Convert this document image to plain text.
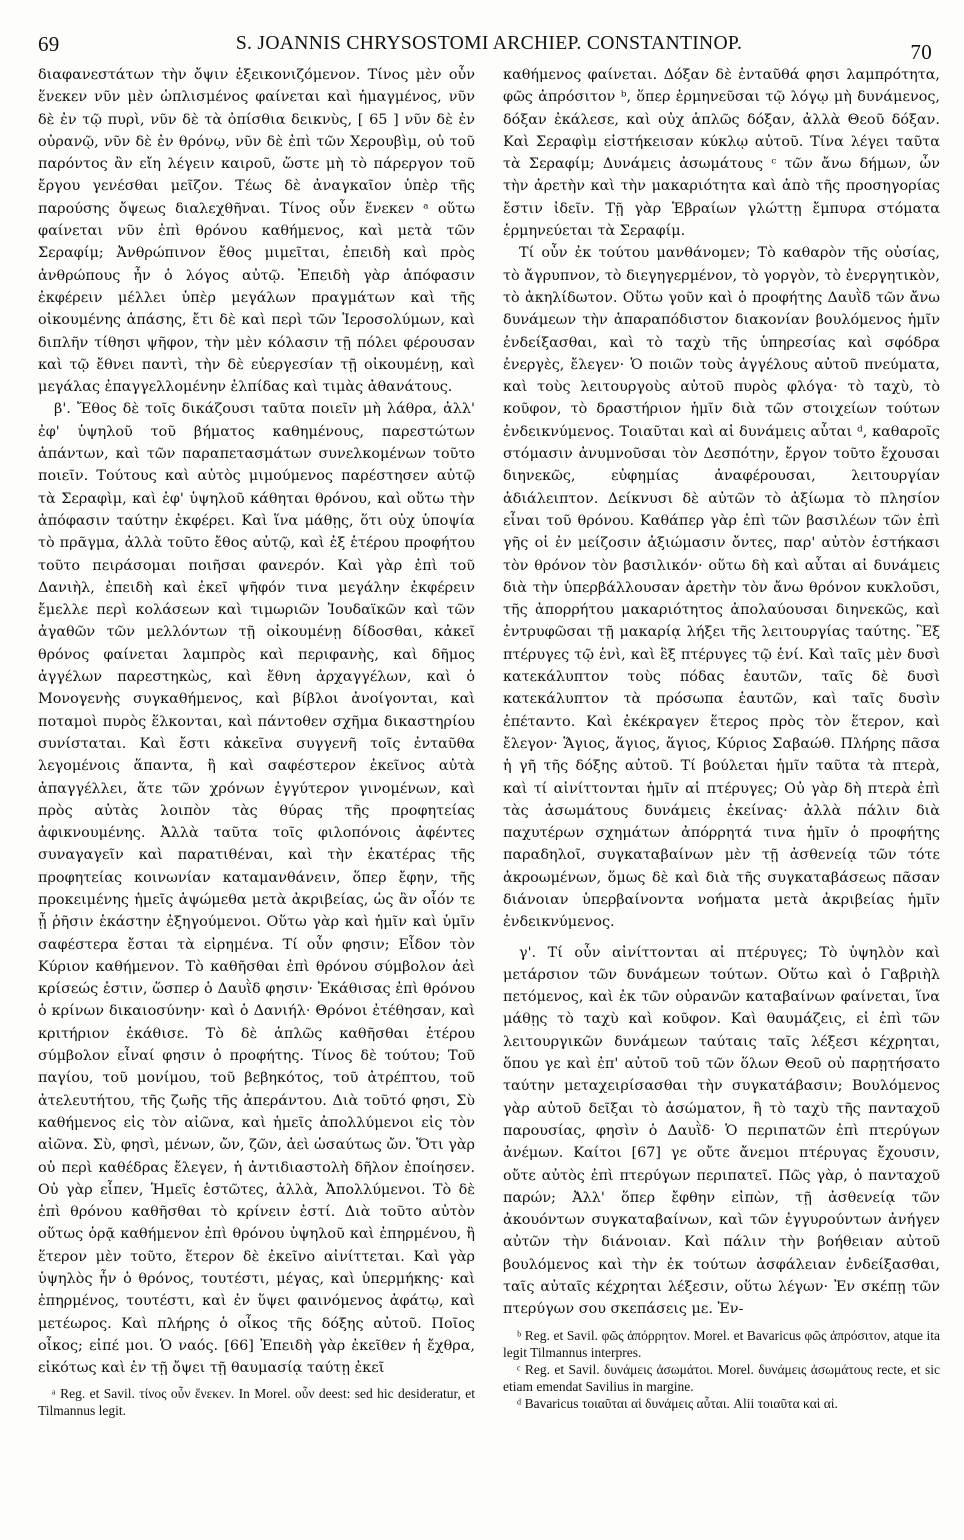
69	S. JOANNIS CHRYSOSTOMI ARCHIEP. CONSTANTINOP.	70

διαφανεστάτων τὴν ὄψιν ἐξεικονιζόμενον. Τίνος μὲν οὖν ἕνεκεν νῦν μὲν ὡπλισμένος φαίνεται καὶ ἡμαγμένος, νῦν δὲ ἐν τῷ πυρὶ, νῦν δὲ τὰ ὀπίσθια δεικνὺς, [ 65 ] νῦν δὲ ἐν οὐρανῷ, νῦν δὲ ἐν θρόνῳ, νῦν δὲ ἐπὶ τῶν Χερουβὶμ, οὐ τοῦ παρόντος ἂν εἴη λέγειν καιροῦ, ὥστε μὴ τὸ πάρεργον τοῦ ἔργου γενέσθαι μεῖζον. Τέως δὲ ἀναγκαῖον ὑπὲρ τῆς παρούσης ὄψεως διαλεχθῆναι. Τίνος οὖν ἕνεκεν ᵃ οὕτω φαίνεται νῦν ἐπὶ θρόνου καθήμενος, καὶ μετὰ τῶν Σεραφίμ; Ἀνθρώπινον ἔθος μιμεῖται, ἐπειδὴ καὶ πρὸς ἀνθρώπους ἦν ὁ λόγος αὐτῷ. Ἐπειδὴ γὰρ ἀπόφασιν ἐκφέρειν μέλλει ὑπὲρ μεγάλων πραγμάτων καὶ τῆς οἰκουμένης ἁπάσης, ἔτι δὲ καὶ περὶ τῶν Ἱεροσολύμων, καὶ διπλῆν τίθησι ψῆφον, τὴν μὲν κόλασιν τῇ πόλει φέρουσαν καὶ τῷ ἔθνει παντὶ, τὴν δὲ εὐεργεσίαν τῇ οἰκουμένῃ, καὶ μεγάλας ἐπαγγελλομένην ἐλπίδας καὶ τιμὰς ἀθανάτους.

β'. Ἔθος δὲ τοῖς δικάζουσι ταῦτα ποιεῖν μὴ λάθρα, ἀλλ' ἐφ' ὑψηλοῦ τοῦ βήματος καθημένους, παρεστώτων ἁπάντων, καὶ τῶν παραπετασμάτων συνελκομένων τοῦτο ποιεῖν. Τούτους καὶ αὐτὸς μιμούμενος παρέστησεν αὐτῷ τὰ Σεραφὶμ, καὶ ἐφ' ὑψηλοῦ κάθηται θρόνου, καὶ οὕτω τὴν ἀπόφασιν ταύτην ἐκφέρει. Καὶ ἵνα μάθῃς, ὅτι οὐχ ὑποψία τὸ πρᾶγμα, ἀλλὰ τοῦτο ἔθος αὐτῷ, καὶ ἐξ ἑτέρου προφήτου τοῦτο πειράσομαι ποιῆσαι φανερόν. Καὶ γὰρ ἐπὶ τοῦ Δανιὴλ, ἐπειδὴ καὶ ἐκεῖ ψῆφόν τινα μεγάλην ἐκφέρειν ἔμελλε περὶ κολάσεων καὶ τιμωριῶν Ἰουδαϊκῶν καὶ τῶν ἀγαθῶν τῶν μελλόντων τῇ οἰκουμένῃ δίδοσθαι, κἀκεῖ θρόνος φαίνεται λαμπρὸς καὶ περιφανὴς, καὶ δῆμος ἀγγέλων παρεστηκὼς, καὶ ἔθνη ἀρχαγγέλων, καὶ ὁ Μονογενὴς συγκαθήμενος, καὶ βίβλοι ἀνοίγονται, καὶ ποταμοὶ πυρὸς ἕλκονται, καὶ πάντοθεν σχῆμα δικαστηρίου συνίσταται. Καὶ ἔστι κἀκεῖνα συγγενῆ τοῖς ἐνταῦθα λεγομένοις ἅπαντα, ἢ καὶ σαφέστερον ἐκεῖνος αὐτὰ ἀπαγγέλλει, ἅτε τῶν χρόνων ἐγγύτερον γινομένων, καὶ πρὸς αὐτὰς λοιπὸν τὰς θύρας τῆς προφητείας ἀφικνουμένης. Ἀλλὰ ταῦτα τοῖς φιλοπόνοις ἀφέντες συναγαγεῖν καὶ παρατιθέναι, καὶ τὴν ἑκατέρας τῆς προφητείας κοινωνίαν καταμανθάνειν, ὅπερ ἔφην, τῆς προκειμένης ἡμεῖς ἁψώμεθα μετὰ ἀκριβείας, ὡς ἂν οἷόν τε ᾖ ῥῆσιν ἑκάστην ἐξηγούμενοι. Οὕτω γὰρ καὶ ἡμῖν καὶ ὑμῖν σαφέστερα ἔσται τὰ εἰρημένα. Τί οὖν φησιν; Εἶδον τὸν Κύριον καθήμενον. Τὸ καθῆσθαι ἐπὶ θρόνου σύμβολον ἀεὶ κρίσεώς ἐστιν, ὥσπερ ὁ Δαυῒδ φησιν· Ἐκάθισας ἐπὶ θρόνου ὁ κρίνων δικαιοσύνην· καὶ ὁ Δανιήλ· Θρόνοι ἐτέθησαν, καὶ κριτήριον ἐκάθισε. Τὸ δὲ ἁπλῶς καθῆσθαι ἑτέρου σύμβολον εἶναί φησιν ὁ προφήτης. Τίνος δὲ τούτου; Τοῦ παγίου, τοῦ μονίμου, τοῦ βεβηκότος, τοῦ ἀτρέπτου, τοῦ ἀτελευτήτου, τῆς ζωῆς τῆς ἀπεράντου. Διὰ τοῦτό φησι, Σὺ καθήμενος εἰς τὸν αἰῶνα, καὶ ἡμεῖς ἀπολλύμενοι εἰς τὸν αἰῶνα. Σὺ, φησὶ, μένων, ὤν, ζῶν, ἀεὶ ὡσαύτως ὤν. Ὅτι γὰρ οὐ περὶ καθέδρας ἔλεγεν, ἡ ἀντιδιαστολὴ δῆλον ἐποίησεν. Οὐ γὰρ εἶπεν, Ἡμεῖς ἑστῶτες, ἀλλὰ, Ἀπολλύμενοι. Τὸ δὲ ἐπὶ θρόνου καθῆσθαι τὸ κρίνειν ἐστί. Διὰ τοῦτο αὐτὸν οὕτως ὁρᾷ καθήμενον ἐπὶ θρόνου ὑψηλοῦ καὶ ἐπηρμένου, ἢ ἕτερον μὲν τοῦτο, ἕτερον δὲ ἐκεῖνο αἰνίττεται. Καὶ γὰρ ὑψηλὸς ἦν ὁ θρόνος, τουτέστι, μέγας, καὶ ὑπερμήκης· καὶ ἐπηρμένος, τουτέστι, καὶ ἐν ὕψει φαινόμενος ἀφάτῳ, καὶ μετέωρος. Καὶ πλήρης ὁ οἶκος τῆς δόξης αὐτοῦ. Ποῖος οἶκος; εἰπέ μοι. Ὁ ναός. [66] Ἐπειδὴ γὰρ ἐκεῖθεν ἡ ἔχθρα, εἰκότως καὶ ἐν τῇ ὄψει τῇ θαυμασίᾳ ταύτῃ ἐκεῖ

ᵃ Reg. et Savil. τίνος οὖν ἕνεκεν. In Morel. οὖν deest: sed hic desideratur, et Tilmannus legit.

καθήμενος φαίνεται. Δόξαν δὲ ἐνταῦθά φησι λαμπρότητα, φῶς ἀπρόσιτον ᵇ, ὅπερ ἑρμηνεῦσαι τῷ λόγῳ μὴ δυνάμενος, δόξαν ἐκάλεσε, καὶ οὐχ ἁπλῶς δόξαν, ἀλλὰ Θεοῦ δόξαν. Καὶ Σεραφὶμ εἱστήκεισαν κύκλῳ αὐτοῦ. Τίνα λέγει ταῦτα τὰ Σεραφίμ; Δυνάμεις ἀσωμάτους ᶜ τῶν ἄνω δήμων, ὧν τὴν ἀρετὴν καὶ τὴν μακαριότητα καὶ ἀπὸ τῆς προσηγορίας ἔστιν ἰδεῖν. Τῇ γὰρ Ἑβραίων γλώττῃ ἔμπυρα στόματα ἑρμηνεύεται τὰ Σεραφίμ.

Τί οὖν ἐκ τούτου μανθάνομεν; Τὸ καθαρὸν τῆς οὐσίας, τὸ ἄγρυπνον, τὸ διεγηγερμένον, τὸ γοργὸν, τὸ ἐνεργητικὸν, τὸ ἀκηλίδωτον. Οὕτω γοῦν καὶ ὁ προφήτης Δαυῒδ τῶν ἄνω δυνάμεων τὴν ἀπαραπόδιστον διακονίαν βουλόμενος ἡμῖν ἐνδείξασθαι, καὶ τὸ ταχὺ τῆς ὑπηρεσίας καὶ σφόδρα ἐνεργὲς, ἔλεγεν· Ὁ ποιῶν τοὺς ἀγγέλους αὐτοῦ πνεύματα, καὶ τοὺς λειτουργοὺς αὐτοῦ πυρὸς φλόγα· τὸ ταχὺ, τὸ κοῦφον, τὸ δραστήριον ἡμῖν διὰ τῶν στοιχείων τούτων ἐνδεικνύμενος. Τοιαῦται καὶ αἱ δυνάμεις αὗται ᵈ, καθαροῖς στόμασιν ἀνυμνοῦσαι τὸν Δεσπότην, ἔργον τοῦτο ἔχουσαι διηνεκῶς, εὐφημίας ἀναφέρουσαι, λειτουργίαν ἀδιάλειπτον. Δείκνυσι δὲ αὐτῶν τὸ ἀξίωμα τὸ πλησίον εἶναι τοῦ θρόνου. Καθάπερ γὰρ ἐπὶ τῶν βασιλέων τῶν ἐπὶ γῆς οἱ ἐν μείζοσιν ἀξιώμασιν ὄντες, παρ' αὐτὸν ἑστήκασι τὸν θρόνον τὸν βασιλικόν· οὕτω δὴ καὶ αὗται αἱ δυνάμεις διὰ τὴν ὑπερβάλλουσαν ἀρετὴν τὸν ἄνω θρόνον κυκλοῦσι, τῆς ἀπορρήτου μακαριότητος ἀπολαύουσαι διηνεκῶς, καὶ ἐντρυφῶσαι τῇ μακαρίᾳ λήξει τῆς λειτουργίας ταύτης. Ἓξ πτέρυγες τῷ ἑνὶ, καὶ ἓξ πτέρυγες τῷ ἑνί. Καὶ ταῖς μὲν δυσὶ κατεκάλυπτον τοὺς πόδας ἑαυτῶν, ταῖς δὲ δυσὶ κατεκάλυπτον τὰ πρόσωπα ἑαυτῶν, καὶ ταῖς δυσὶν ἐπέταντο. Καὶ ἐκέκραγεν ἕτερος πρὸς τὸν ἕτερον, καὶ ἔλεγον· Ἅγιος, ἅγιος, ἅγιος, Κύριος Σαβαώθ. Πλήρης πᾶσα ἡ γῆ τῆς δόξης αὐτοῦ. Τί βούλεται ἡμῖν ταῦτα τὰ πτερὰ, καὶ τί αἰνίττονται ἡμῖν αἱ πτέρυγες; Οὐ γὰρ δὴ πτερὰ ἐπὶ τὰς ἀσωμάτους δυνάμεις ἐκείνας· ἀλλὰ πάλιν διὰ παχυτέρων σχημάτων ἀπόρρητά τινα ἡμῖν ὁ προφήτης παραδηλοῖ, συγκαταβαίνων μὲν τῇ ἀσθενείᾳ τῶν τότε ἀκροωμένων, ὅμως δὲ καὶ διὰ τῆς συγκαταβάσεως πᾶσαν διάνοιαν ὑπερβαίνοντα νοήματα μετὰ ἀκριβείας ἡμῖν ἐνδεικνύμενος.

γ'. Τί οὖν αἰνίττονται αἱ πτέρυγες; Τὸ ὑψηλὸν καὶ μετάρσιον τῶν δυνάμεων τούτων. Οὕτω καὶ ὁ Γαβριὴλ πετόμενος, καὶ ἐκ τῶν οὐρανῶν καταβαίνων φαίνεται, ἵνα μάθῃς τὸ ταχὺ καὶ κοῦφον. Καὶ θαυμάζεις, εἰ ἐπὶ τῶν λειτουργικῶν δυνάμεων ταύταις ταῖς λέξεσι κέχρηται, ὅπου γε καὶ ἐπ' αὐτοῦ τοῦ τῶν ὅλων Θεοῦ οὐ παρῃτήσατο ταύτην μεταχειρίσασθαι τὴν συγκατάβασιν; Βουλόμενος γὰρ αὐτοῦ δεῖξαι τὸ ἀσώματον, ἢ τὸ ταχὺ τῆς πανταχοῦ παρουσίας, φησὶν ὁ Δαυῒδ· Ὁ περιπατῶν ἐπὶ πτερύγων ἀνέμων. Καίτοι [67] γε οὔτε ἄνεμοι πτέρυγας ἔχουσιν, οὔτε αὐτὸς ἐπὶ πτερύγων περιπατεῖ. Πῶς γὰρ, ὁ πανταχοῦ παρών; Ἀλλ' ὅπερ ἔφθην εἰπὼν, τῇ ἀσθενείᾳ τῶν ἀκουόντων συγκαταβαίνων, καὶ τῶν ἐγγυρούντων ἀνήγεν αὐτῶν τὴν διάνοιαν. Καὶ πάλιν τὴν βοήθειαν αὐτοῦ βουλόμενος καὶ τὴν ἐκ τούτων ἀσφάλειαν ἐνδείξασθαι, ταῖς αὐταῖς κέχρηται λέξεσιν, οὕτω λέγων· Ἐν σκέπῃ τῶν πτερύγων σου σκεπάσεις με. Ἐν-

ᵇ Reg. et Savil. φῶς ἀπόρρητον. Morel. et Bavaricus φῶς ἀπρόσιτον, atque ita legit Tilmannus interpres.

ᶜ Reg. et Savil. δυνάμεις ἀσωμάτοι. Morel. δυνάμεις ἀσωμάτους recte, et sic etiam emendat Savilius in margine.

ᵈ Bavaricus τοιαῦται αἱ δυνάμεις αὗται. Alii τοιαῦτα καὶ αἱ.
